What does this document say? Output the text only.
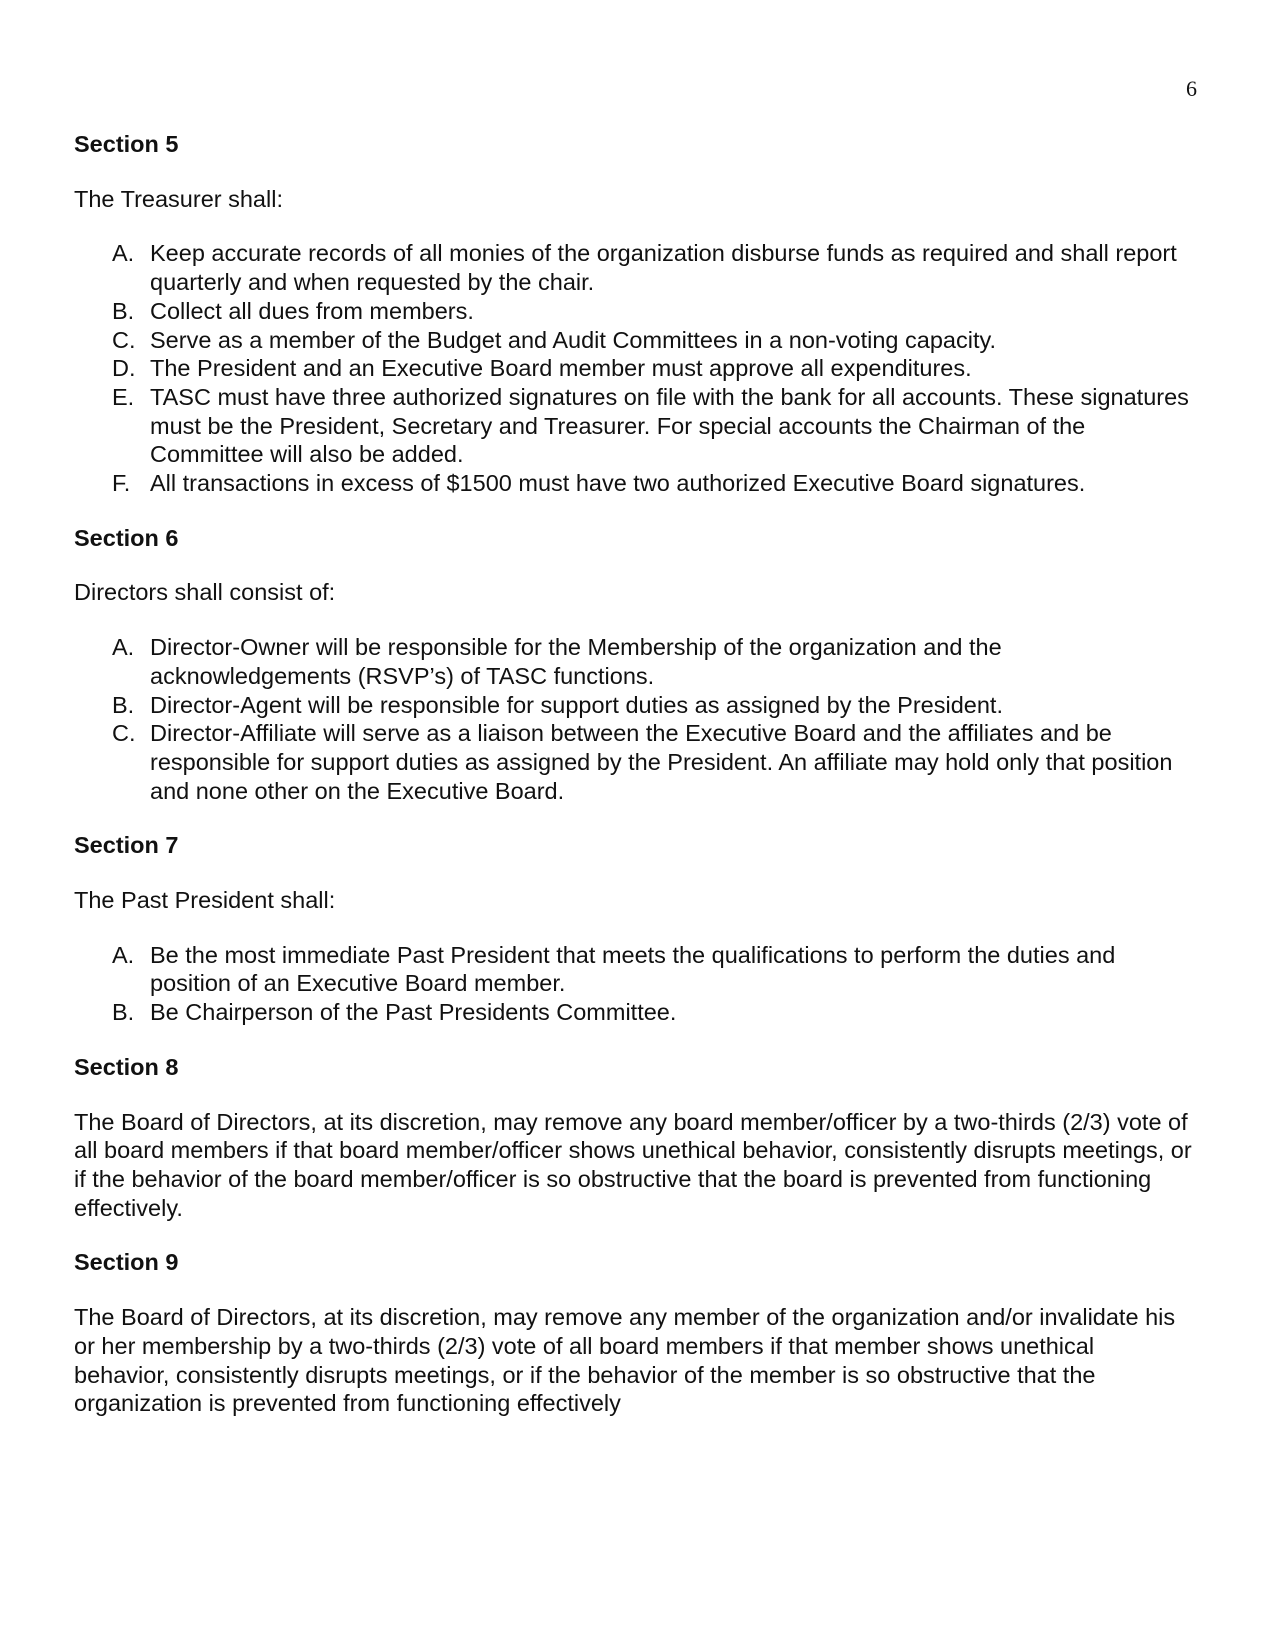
6
Section 5
The Treasurer shall:
A. Keep accurate records of all monies of the organization disburse funds as required and shall report quarterly and when requested by the chair.
B. Collect all dues from members.
C. Serve as a member of the Budget and Audit Committees in a non-voting capacity.
D. The President and an Executive Board member must approve all expenditures.
E. TASC must have three authorized signatures on file with the bank for all accounts. These signatures must be the President, Secretary and Treasurer. For special accounts the Chairman of the Committee will also be added.
F. All transactions in excess of $1500 must have two authorized Executive Board signatures.
Section 6
Directors shall consist of:
A. Director-Owner will be responsible for the Membership of the organization and the acknowledgements (RSVP’s) of TASC functions.
B. Director-Agent will be responsible for support duties as assigned by the President.
C. Director-Affiliate will serve as a liaison between the Executive Board and the affiliates and be responsible for support duties as assigned by the President. An affiliate may hold only that position and none other on the Executive Board.
Section 7
The Past President shall:
A. Be the most immediate Past President that meets the qualifications to perform the duties and position of an Executive Board member.
B. Be Chairperson of the Past Presidents Committee.
Section 8

The Board of Directors, at its discretion, may remove any board member/officer by a two-thirds (2/3) vote of all board members if that board member/officer shows unethical behavior, consistently disrupts meetings, or if the behavior of the board member/officer is so obstructive that the board is prevented from functioning effectively.

Section 9

The Board of Directors, at its discretion, may remove any member of the organization and/or invalidate his or her membership by a two-thirds (2/3) vote of all board members if that member shows unethical behavior, consistently disrupts meetings, or if the behavior of the member is so obstructive that the organization is prevented from functioning effectively
